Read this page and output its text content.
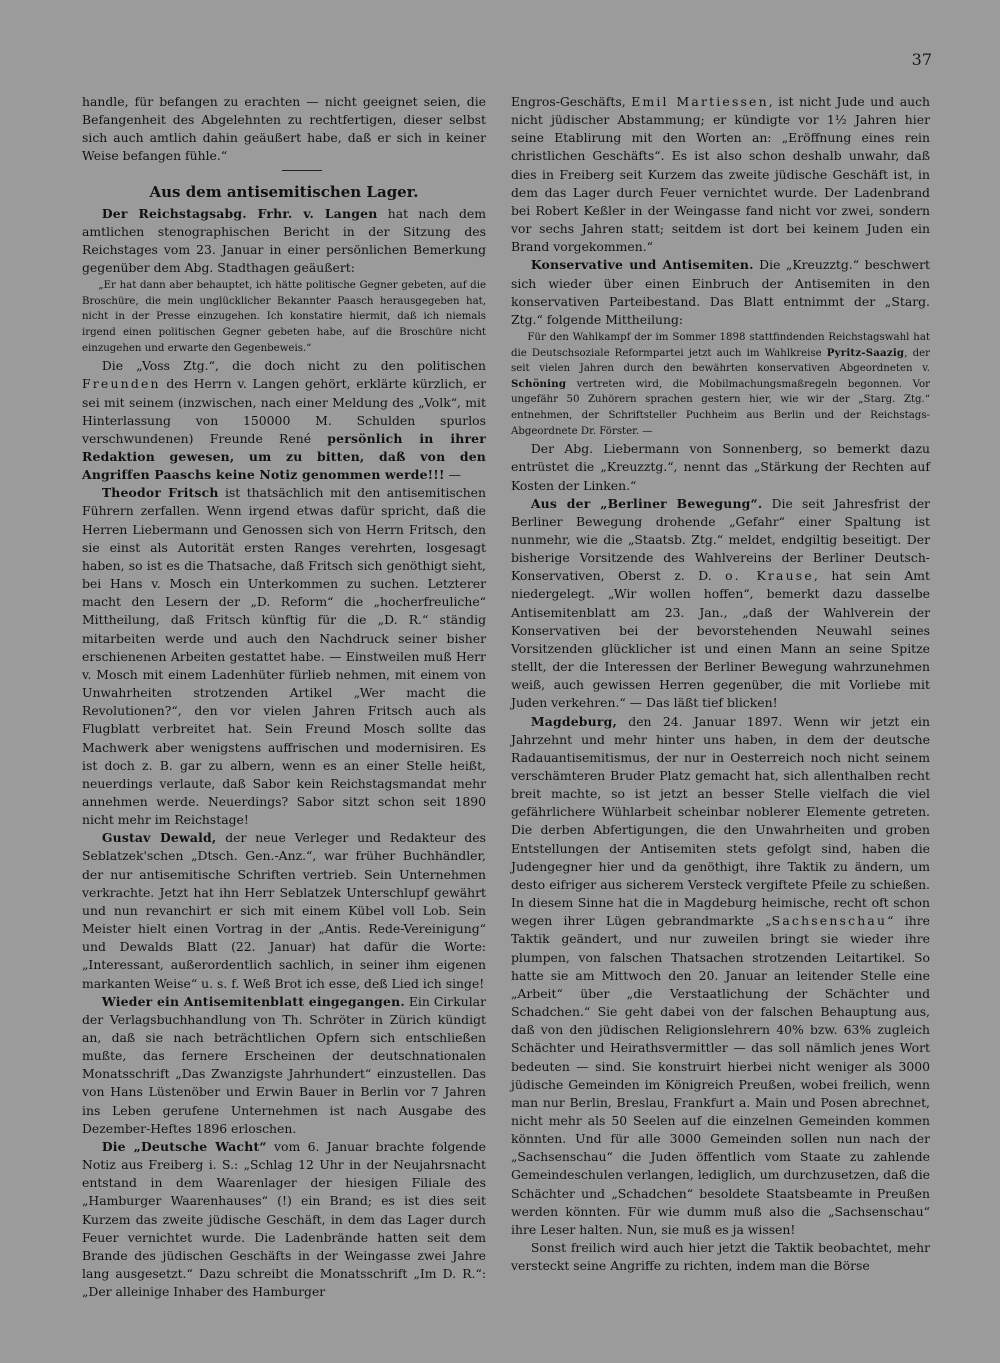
37

handle, für befangen zu erachten — nicht geeignet seien, die Befangenheit des Abgelehnten zu rechtfertigen, dieser selbst sich auch amtlich dahin geäußert habe, daß er sich in keiner Weise befangen fühle.“

Aus dem antisemitischen Lager.

Der Reichstagsabg. Frhr. v. Langen hat nach dem amtlichen stenographischen Bericht in der Sitzung des Reichstages vom 23. Januar in einer persönlichen Bemerkung gegenüber dem Abg. Stadthagen geäußert:

„Er hat dann aber behauptet, ich hätte politische Gegner gebeten, auf die Broschüre, die mein unglücklicher Bekannter Paasch herausgegeben hat, nicht in der Presse einzugehen. Ich konstatire hiermit, daß ich niemals irgend einen politischen Gegner gebeten habe, auf die Broschüre nicht einzugehen und erwarte den Gegenbeweis.“

Die „Voss Ztg.“, die doch nicht zu den politischen Freunden des Herrn v. Langen gehört, erklärte kürzlich, er sei mit seinem (inzwischen, nach einer Meldung des „Volk“, mit Hinterlassung von 150000 M. Schulden spurlos verschwundenen) Freunde René persönlich in ihrer Redaktion gewesen, um zu bitten, daß von den Angriffen Paaschs keine Notiz genommen werde!!! —

Theodor Fritsch ist thatsächlich mit den antisemitischen Führern zerfallen. Wenn irgend etwas dafür spricht, daß die Herren Liebermann und Genossen sich von Herrn Fritsch, den sie einst als Autorität ersten Ranges verehrten, losgesagt haben, so ist es die Thatsache, daß Fritsch sich genöthigt sieht, bei Hans v. Mosch ein Unterkommen zu suchen. Letzterer macht den Lesern der „D. Reform“ die „hocherfreuliche“ Mittheilung, daß Fritsch künftig für die „D. R.“ ständig mitarbeiten werde und auch den Nachdruck seiner bisher erschienenen Arbeiten gestattet habe. — Einstweilen muß Herr v. Mosch mit einem Ladenhüter fürlieb nehmen, mit einem von Unwahrheiten strotzenden Artikel „Wer macht die Revolutionen?“, den vor vielen Jahren Fritsch auch als Flugblatt verbreitet hat. Sein Freund Mosch sollte das Machwerk aber wenigstens auffrischen und modernisiren. Es ist doch z. B. gar zu albern, wenn es an einer Stelle heißt, neuerdings verlaute, daß Sabor kein Reichstagsmandat mehr annehmen werde. Neuerdings? Sabor sitzt schon seit 1890 nicht mehr im Reichstage!

Gustav Dewald, der neue Verleger und Redakteur des Seblatzek'schen „Dtsch. Gen.-Anz.“, war früher Buchhändler, der nur antisemitische Schriften vertrieb. Sein Unternehmen verkrachte. Jetzt hat ihn Herr Seblatzek Unterschlupf gewährt und nun revanchirt er sich mit einem Kübel voll Lob. Sein Meister hielt einen Vortrag in der „Antis. Rede-Vereinigung“ und Dewalds Blatt (22. Januar) hat dafür die Worte: „Interessant, außerordentlich sachlich, in seiner ihm eigenen markanten Weise“ u. s. f. Weß Brot ich esse, deß Lied ich singe!

Wieder ein Antisemitenblatt eingegangen. Ein Cirkular der Verlagsbuchhandlung von Th. Schröter in Zürich kündigt an, daß sie nach beträchtlichen Opfern sich entschließen mußte, das fernere Erscheinen der deutschnationalen Monatsschrift „Das Zwanzigste Jahrhundert“ einzustellen. Das von Hans Lüstenöber und Erwin Bauer in Berlin vor 7 Jahren ins Leben gerufene Unternehmen ist nach Ausgabe des Dezember-Heftes 1896 erloschen.

Die „Deutsche Wacht“ vom 6. Januar brachte folgende Notiz aus Freiberg i. S.: „Schlag 12 Uhr in der Neujahrsnacht entstand in dem Waarenlager der hiesigen Filiale des „Hamburger Waarenhauses“ (!) ein Brand; es ist dies seit Kurzem das zweite jüdische Geschäft, in dem das Lager durch Feuer vernichtet wurde. Die Ladenbrände hatten seit dem Brande des jüdischen Geschäfts in der Weingasse zwei Jahre lang ausgesetzt.“ Dazu schreibt die Monatsschrift „Im D. R.“: „Der alleinige Inhaber des Hamburger

Engros-Geschäfts, Emil Martiessen, ist nicht Jude und auch nicht jüdischer Abstammung; er kündigte vor 1½ Jahren hier seine Etablirung mit den Worten an: „Eröffnung eines rein christlichen Geschäfts“. Es ist also schon deshalb unwahr, daß dies in Freiberg seit Kurzem das zweite jüdische Geschäft ist, in dem das Lager durch Feuer vernichtet wurde. Der Ladenbrand bei Robert Keßler in der Weingasse fand nicht vor zwei, sondern vor sechs Jahren statt; seitdem ist dort bei keinem Juden ein Brand vorgekommen.“

Konservative und Antisemiten. Die „Kreuzztg.“ beschwert sich wieder über einen Einbruch der Antisemiten in den konservativen Parteibestand. Das Blatt entnimmt der „Starg. Ztg.“ folgende Mittheilung:

Für den Wahlkampf der im Sommer 1898 stattfindenden Reichstagswahl hat die Deutschsoziale Reformpartei jetzt auch im Wahlkreise Pyritz-Saazig, der seit vielen Jahren durch den bewährten konservativen Abgeordneten v. Schöning vertreten wird, die Mobilmachungsmaßregeln begonnen. Vor ungefähr 50 Zuhörern sprachen gestern hier, wie wir der „Starg. Ztg.“ entnehmen, der Schriftsteller Puchheim aus Berlin und der Reichstags-Abgeordnete Dr. Förster. —

Der Abg. Liebermann von Sonnenberg, so bemerkt dazu entrüstet die „Kreuzztg.“, nennt das „Stärkung der Rechten auf Kosten der Linken.“

Aus der „Berliner Bewegung“. Die seit Jahresfrist der Berliner Bewegung drohende „Gefahr“ einer Spaltung ist nunmehr, wie die „Staatsb. Ztg.“ meldet, endgiltig beseitigt. Der bisherige Vorsitzende des Wahlvereins der Berliner Deutsch-Konservativen, Oberst z. D. o. Krause, hat sein Amt niedergelegt. „Wir wollen hoffen“, bemerkt dazu dasselbe Antisemitenblatt am 23. Jan., „daß der Wahlverein der Konservativen bei der bevorstehenden Neuwahl seines Vorsitzenden glücklicher ist und einen Mann an seine Spitze stellt, der die Interessen der Berliner Bewegung wahrzunehmen weiß, auch gewissen Herren gegenüber, die mit Vorliebe mit Juden verkehren.“ — Das läßt tief blicken!

Magdeburg, den 24. Januar 1897. Wenn wir jetzt ein Jahrzehnt und mehr hinter uns haben, in dem der deutsche Radauantisemitismus, der nur in Oesterreich noch nicht seinem verschämteren Bruder Platz gemacht hat, sich allenthalben recht breit machte, so ist jetzt an besser Stelle vielfach die viel gefährlichere Wühlarbeit scheinbar noblerer Elemente getreten. Die derben Abfertigungen, die den Unwahrheiten und groben Entstellungen der Antisemiten stets gefolgt sind, haben die Judengegner hier und da genöthigt, ihre Taktik zu ändern, um desto eifriger aus sicherem Versteck vergiftete Pfeile zu schießen. In diesem Sinne hat die in Magdeburg heimische, recht oft schon wegen ihrer Lügen gebrandmarkte „Sachsenschau“ ihre Taktik geändert, und nur zuweilen bringt sie wieder ihre plumpen, von falschen Thatsachen strotzenden Leitartikel. So hatte sie am Mittwoch den 20. Januar an leitender Stelle eine „Arbeit“ über „die Verstaatlichung der Schächter und Schadchen.“ Sie geht dabei von der falschen Behauptung aus, daß von den jüdischen Religionslehrern 40% bzw. 63% zugleich Schächter und Heirathsvermittler — das soll nämlich jenes Wort bedeuten — sind. Sie konstruirt hierbei nicht weniger als 3000 jüdische Gemeinden im Königreich Preußen, wobei freilich, wenn man nur Berlin, Breslau, Frankfurt a. Main und Posen abrechnet, nicht mehr als 50 Seelen auf die einzelnen Gemeinden kommen könnten. Und für alle 3000 Gemeinden sollen nun nach der „Sachsenschau“ die Juden öffentlich vom Staate zu zahlende Gemeindeschulen verlangen, lediglich, um durchzusetzen, daß die Schächter und „Schadchen“ besoldete Staatsbeamte in Preußen werden könnten. Für wie dumm muß also die „Sachsenschau“ ihre Leser halten. Nun, sie muß es ja wissen!

Sonst freilich wird auch hier jetzt die Taktik beobachtet, mehr versteckt seine Angriffe zu richten, indem man die Börse
